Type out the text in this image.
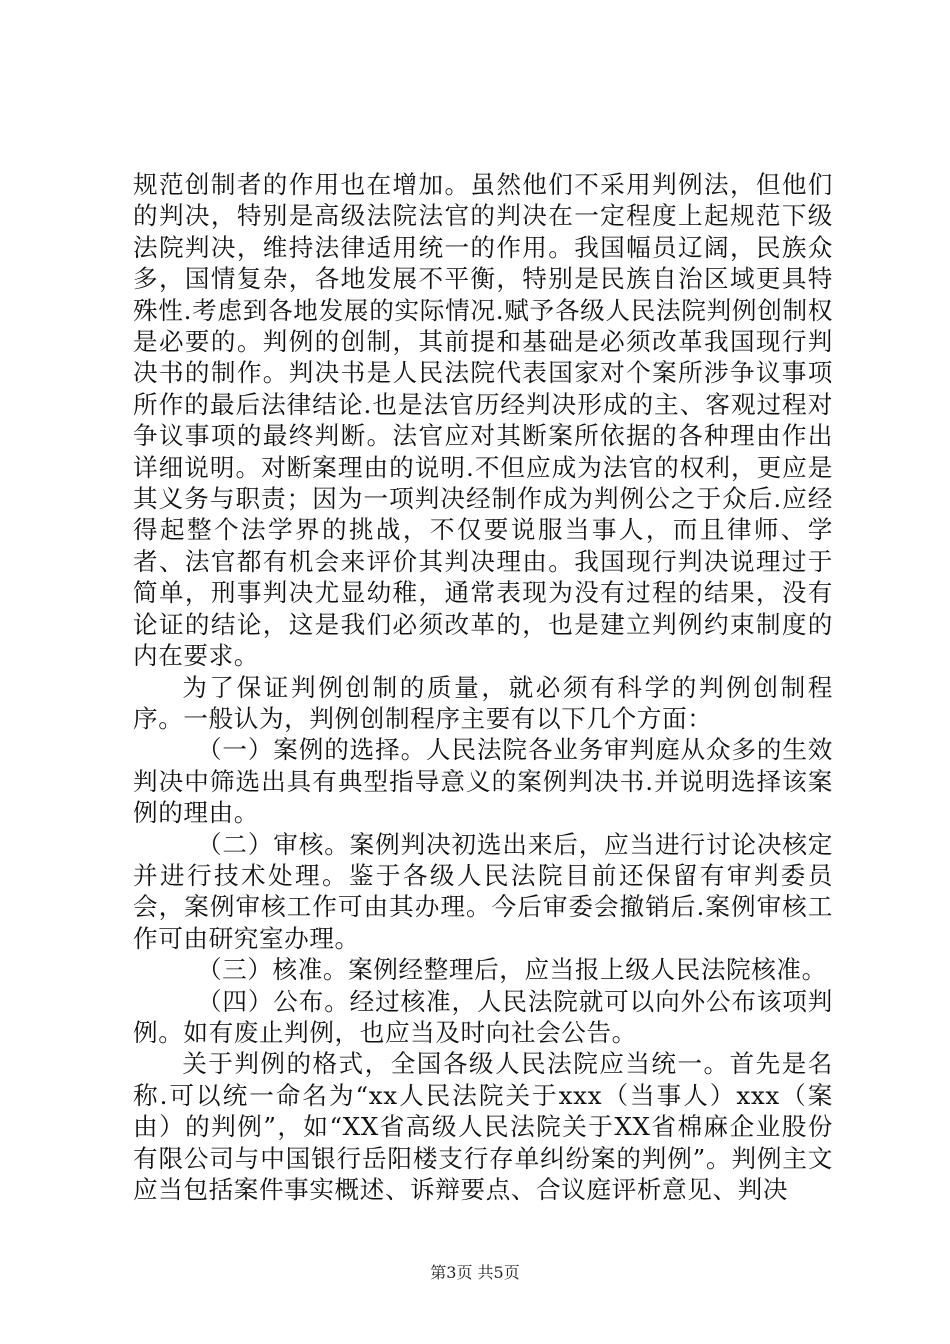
规范创制者的作用也在增加。虽然他们不采用判例法，但他们的判决，特别是高级法院法官的判决在一定程度上起规范下级法院判决，维持法律适用统一的作用。我国幅员辽阔，民族众多，国情复杂，各地发展不平衡，特别是民族自治区域更具特殊性.考虑到各地发展的实际情况.赋予各级人民法院判例创制权是必要的。判例的创制，其前提和基础是必须改革我国现行判决书的制作。判决书是人民法院代表国家对个案所涉争议事项所作的最后法律结论.也是法官历经判决形成的主、客观过程对争议事项的最终判断。法官应对其断案所依据的各种理由作出详细说明。对断案理由的说明.不但应成为法官的权利，更应是其义务与职责；因为一项判决经制作成为判例公之于众后.应经得起整个法学界的挑战，不仅要说服当事人，而且律师、学者、法官都有机会来评价其判决理由。我国现行判决说理过于简单，刑事判决尤显幼稚，通常表现为没有过程的结果，没有论证的结论，这是我们必须改革的，也是建立判例约束制度的内在要求。

为了保证判例创制的质量，就必须有科学的判例创制程序。一般认为，判例创制程序主要有以下几个方面：

（一）案例的选择。人民法院各业务审判庭从众多的生效判决中筛选出具有典型指导意义的案例判决书.并说明选择该案例的理由。

（二）审核。案例判决初选出来后，应当进行讨论决核定并进行技术处理。鉴于各级人民法院目前还保留有审判委员会，案例审核工作可由其办理。今后审委会撤销后.案例审核工作可由研究室办理。

（三）核准。案例经整理后，应当报上级人民法院核准。

（四）公布。经过核准，人民法院就可以向外公布该项判例。如有废止判例，也应当及时向社会公告。

关于判例的格式，全国各级人民法院应当统一。首先是名称.可以统一命名为“xx人民法院关于xxx（当事人）xxx（案由）的判例”，如“XX省高级人民法院关于XX省棉麻企业股份有限公司与中国银行岳阳楼支行存单纠纷案的判例”。判例主文应当包括案件事实概述、诉辩要点、合议庭评析意见、判决

第3页 共5页
